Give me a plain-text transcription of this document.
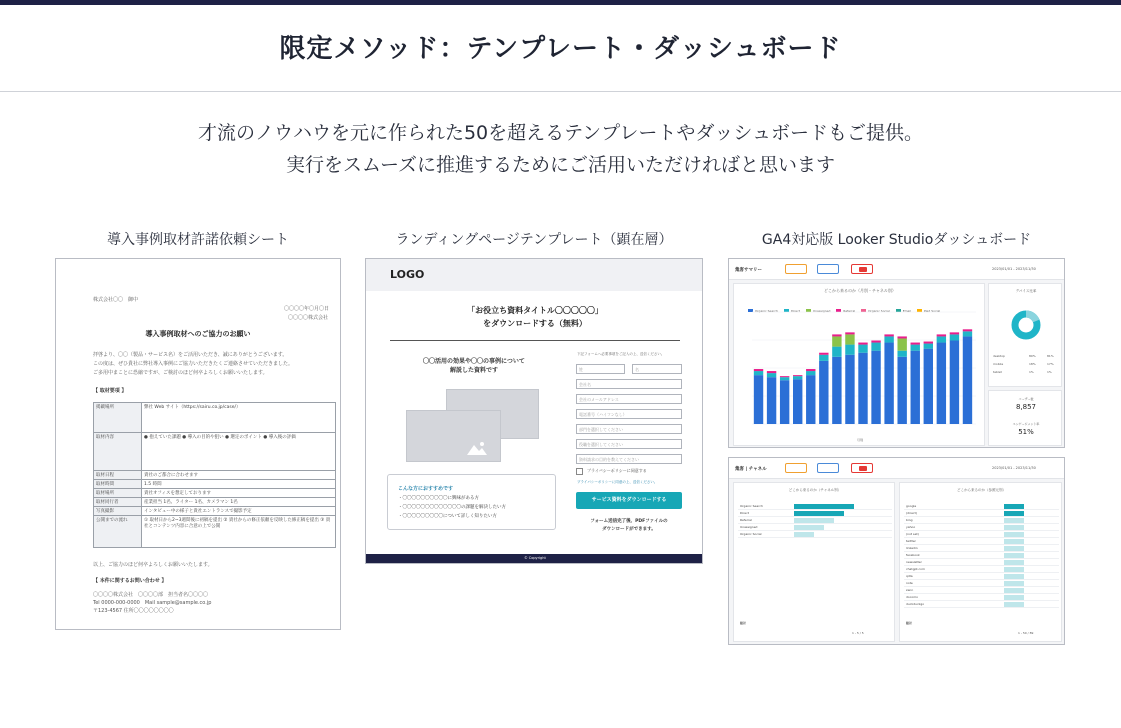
限定メソッド：テンプレート・ダッシュボード
才流のノウハウを元に作られた50を超えるテンプレートやダッシュボードもご提供。
実行をスムーズに推進するためにご活用いただければと思います
導入事例取材許諾依頼シート	ランディングページテンプレート（顕在層）	GA4対応版 Looker Studioダッシュボード
株式会社〇〇　御中
〇〇〇〇年〇月〇日
〇〇〇〇株式会社
導入事例取材へのご協力のお願い
拝啓より、〇〇（製品・サービス名）をご活用いただき、誠にありがとうございます。
この度は、ぜひ貴社に弊社導入事例にご協力いただきたくご連絡させていただきました。
ご多用中まことに恐縮ですが、ご検討のほど何卒よろしくお願いいたします。
【 取材要項 】
掲載場所	弊社 Web サイト（https://sairu.co.jp/case/）
取材内容	● 抱えていた課題 ● 導入の目的や狙い ● 選定のポイント ● 導入後の評価
取材日程	貴社のご都合に合わせます
取材時間	1.5 時間
取材場所	貴社オフィスを想定しております
取材同行者	産業担当 1名、ライター 1名、カメラマン 1名
写真撮影	インタビュー中の様子と貴社エントランスで撮影予定
公開までの流れ	① 取材日から2~3週間後に初稿を提出 ② 貴社からの修正依頼を反映した修正稿を提出 ③ 貴社とコンテンツ内容に合意の上で公開
以上、ご協力のほど何卒よろしくお願いいたします。
【 本件に関するお問い合わせ 】
〇〇〇〇株式会社　〇〇〇〇部　担当者名〇〇〇〇
Tel 0000-000-0000　Mail sample@sample.co.jp
〒123-4567 住所〇〇〇〇〇〇〇〇
LOGO
「お役立ち資料タイトル〇〇〇〇〇」
をダウンロードする（無料）
〇〇活用の効果や〇〇の事例について
解説した資料です
こんな方におすすめです
・〇〇〇〇〇〇〇〇〇〇に興味がある方
・〇〇〇〇〇〇〇〇〇〇〇〇〇の課題を解決したい方
・〇〇〇〇〇〇〇〇〇について詳しく知りたい方
下記フォームへ必要事項をご記入の上、送信ください。
姓	名
会社名
会社のメールアドレス
電話番号（ハイフンなし）
部門を選択してください
役職を選択してください
資料請求の目的を教えてください
プライバシーポリシーに同意する
プライバシーポリシーに同意の上、送信ください。
サービス資料をダウンロードする
フォーム送信完了後、PDFファイルの
ダウンロードができます。
© Copyright
集客サマリー	2023/01/01 - 2023/11/30
どこから来るのか（月別・チャネル別）
Organic Search	Direct	Unassigned	Referral	Organic Social	Email	Paid Social
月別
デバイス比率
desktop	80%	81%
mobile	18%	17%
tablet	1%	1%
ユーザー数
8,857
エンゲージメント率
51%
集客 | チャネル	2023/01/01 - 2023/11/30
どこから来るのか（チャネル別）
Organic Search
Direct
Referral
Unassigned
Organic Social
総計
1 - 5 / 5
どこから来るのか（参照元別）
google
(direct)
bing
yahoo
(not set)
twitter
linkedin
facebook
newsletter
chatgpt.com
qiita
note
zenn
docomo
duckduckgo
総計
1 - 50 / 89
